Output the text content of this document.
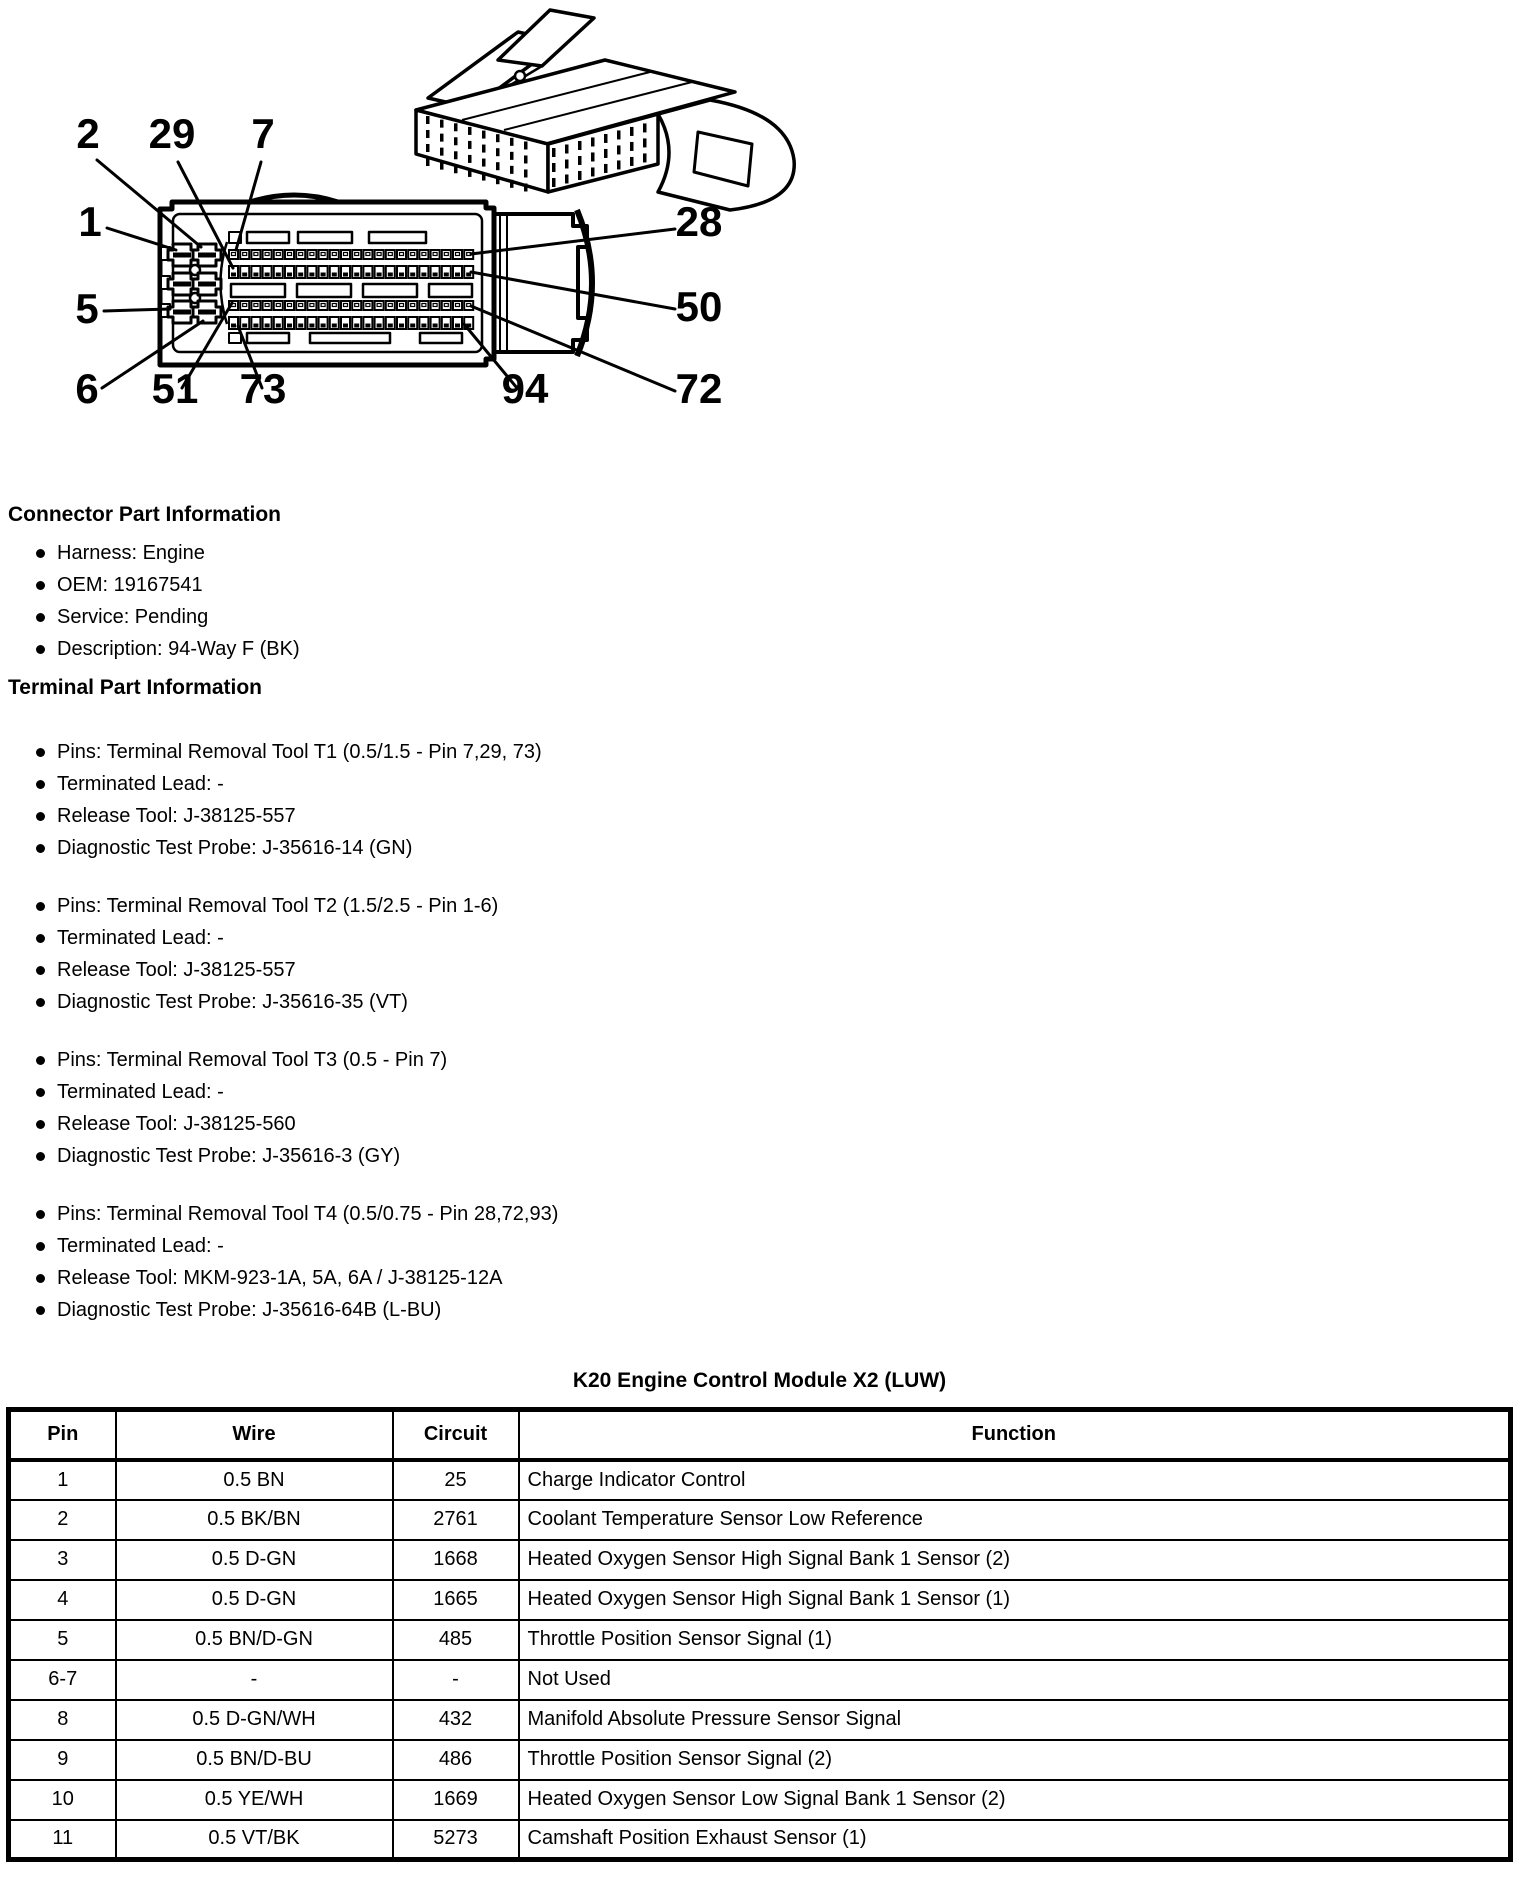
2 29 7
1
5
6 51 73	94
28
50
72
Connector Part Information
Harness: Engine
OEM: 19167541
Service: Pending
Description: 94-Way F (BK)
Terminal Part Information
Pins: Terminal Removal Tool T1 (0.5/1.5 - Pin 7,29, 73)
Terminated Lead: -
Release Tool: J-38125-557
Diagnostic Test Probe: J-35616-14 (GN)
Pins: Terminal Removal Tool T2 (1.5/2.5 - Pin 1-6)
Terminated Lead: -
Release Tool: J-38125-557
Diagnostic Test Probe: J-35616-35 (VT)
Pins: Terminal Removal Tool T3 (0.5 - Pin 7)
Terminated Lead: -
Release Tool: J-38125-560
Diagnostic Test Probe: J-35616-3 (GY)
Pins: Terminal Removal Tool T4 (0.5/0.75 - Pin 28,72,93)
Terminated Lead: -
Release Tool: MKM-923-1A, 5A, 6A / J-38125-12A
Diagnostic Test Probe: J-35616-64B (L-BU)
K20 Engine Control Module X2 (LUW)
Pin	Wire	Circuit	Function
1	0.5 BN	25	Charge Indicator Control
2	0.5 BK/BN	2761	Coolant Temperature Sensor Low Reference
3	0.5 D-GN	1668	Heated Oxygen Sensor High Signal Bank 1 Sensor (2)
4	0.5 D-GN	1665	Heated Oxygen Sensor High Signal Bank 1 Sensor (1)
5	0.5 BN/D-GN	485	Throttle Position Sensor Signal (1)
6-7	-	-	Not Used
8	0.5 D-GN/WH	432	Manifold Absolute Pressure Sensor Signal
9	0.5 BN/D-BU	486	Throttle Position Sensor Signal (2)
10	0.5 YE/WH	1669	Heated Oxygen Sensor Low Signal Bank 1 Sensor (2)
11	0.5 VT/BK	5273	Camshaft Position Exhaust Sensor (1)
